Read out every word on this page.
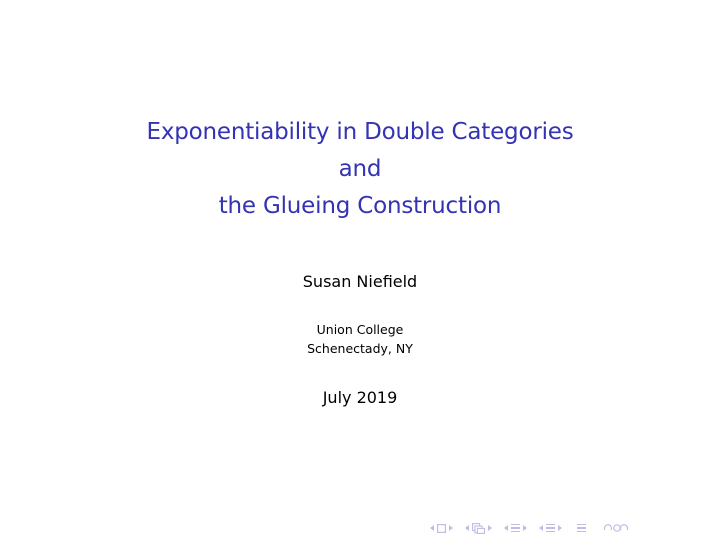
Exponentiability in Double Categories
and
the Glueing Construction
Susan Niefield
Union College
Schenectady, NY
July 2019
